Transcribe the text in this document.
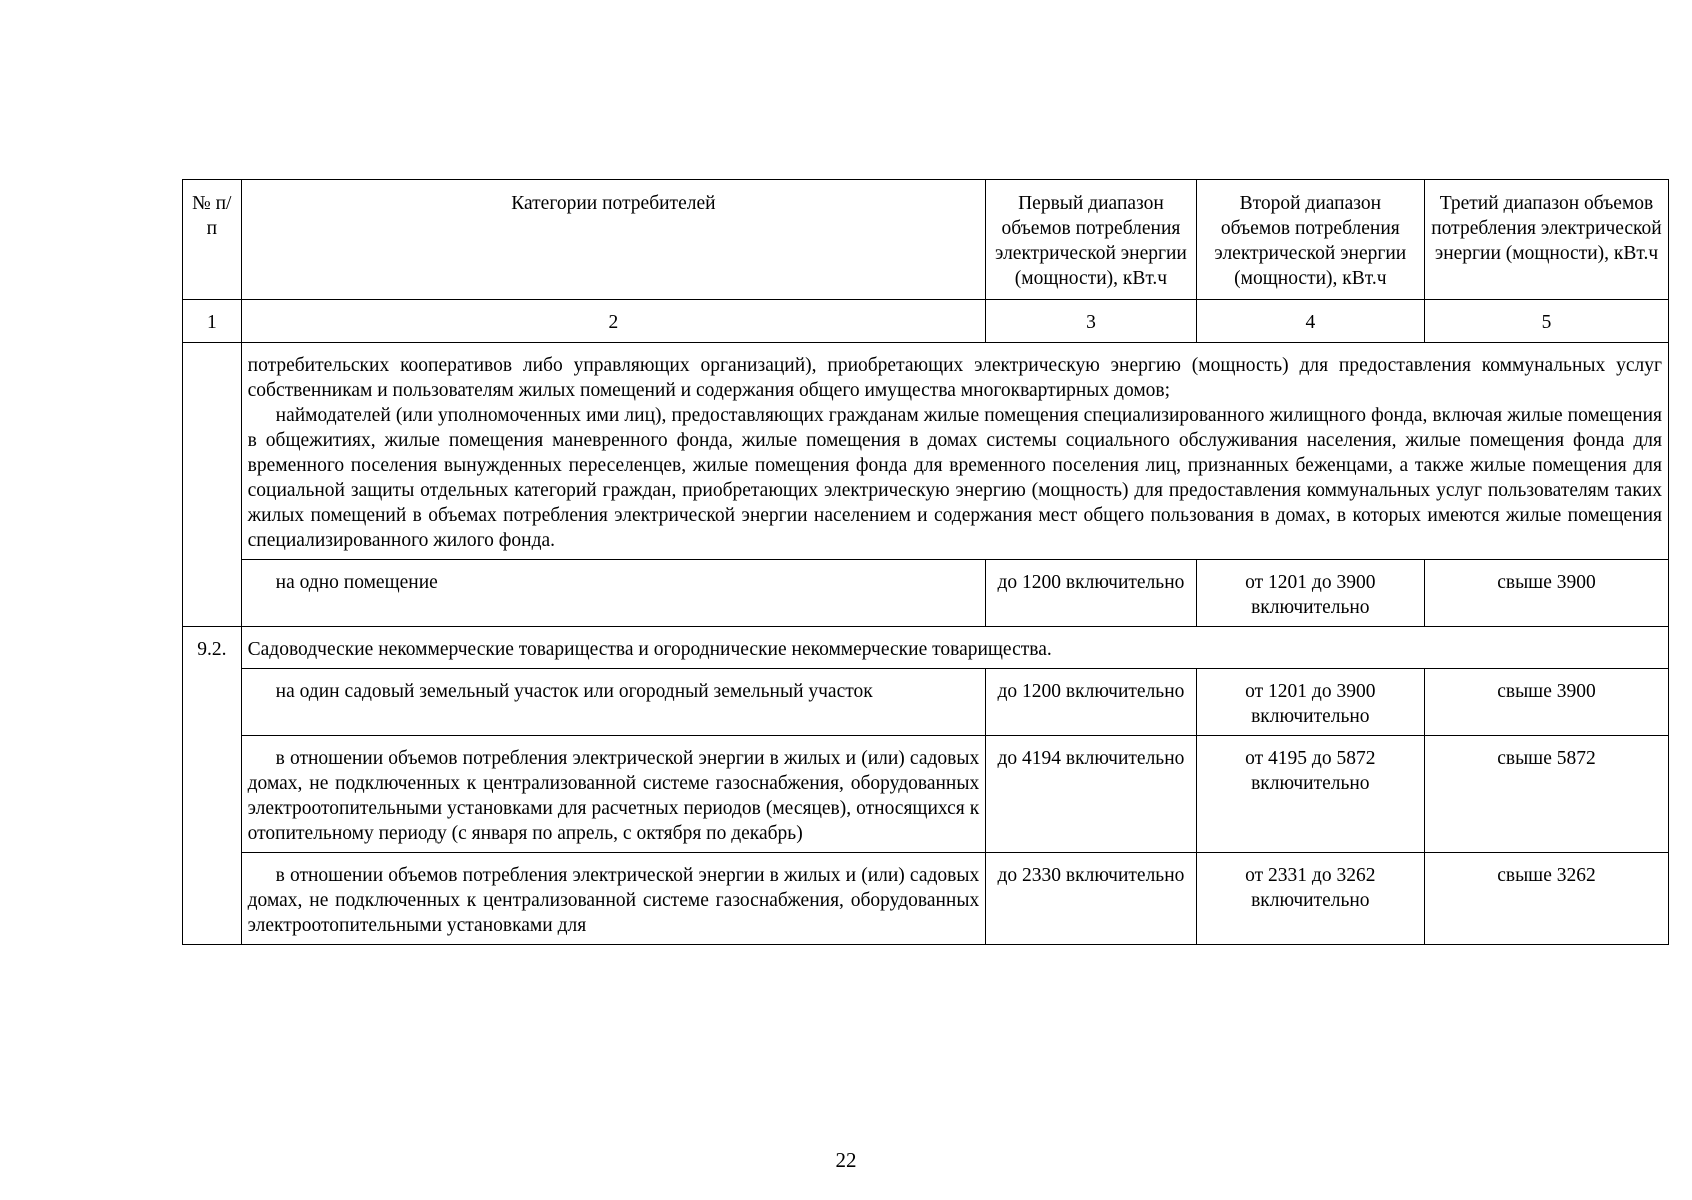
№ п/п	Категории потребителей	Первый диапазон объемов потребления электрической энергии (мощности), кВт.ч	Второй диапазон объемов потребления электрической энергии (мощности), кВт.ч	Третий диапазон объемов потребления электрической энергии (мощности), кВт.ч
1	2	3	4	5

	потребительских кооперативов либо управляющих организаций), приобретающих электрическую энергию (мощность) для предоставления коммунальных услуг собственникам и пользователям жилых помещений и содержания общего имущества многоквартирных домов;

наймодателей (или уполномоченных ими лиц), предоставляющих гражданам жилые помещения специализированного жилищного фонда, включая жилые помещения в общежитиях, жилые помещения маневренного фонда, жилые помещения в домах системы социального обслуживания населения, жилые помещения фонда для временного поселения вынужденных переселенцев, жилые помещения фонда для временного поселения лиц, признанных беженцами, а также жилые помещения для социальной защиты отдельных категорий граждан, приобретающих электрическую энергию (мощность) для предоставления коммунальных услуг пользователям таких жилых помещений в объемах потребления электрической энергии населением и содержания мест общего пользования в домах, в которых имеются жилые помещения специализированного жилого фонда.			

	на одно помещение	до 1200 включительно	от 1201 до 3900 включительно	свыше 3900
9.2.	Садоводческие некоммерческие товарищества и огороднические некоммерческие товарищества.			
	на один садовый земельный участок или огородный земельный участок	до 1200 включительно	от 1201 до 3900 включительно	свыше 3900
	в отношении объемов потребления электрической энергии в жилых и (или) садовых домах, не подключенных к централизованной системе газоснабжения, оборудованных электроотопительными установками для расчетных периодов (месяцев), относящихся к отопительному периоду (с января по апрель, с октября по декабрь)	до 4194 включительно	от 4195 до 5872 включительно	свыше 5872
	в отношении объемов потребления электрической энергии в жилых и (или) садовых домах, не подключенных к централизованной системе газоснабжения, оборудованных электроотопительными установками для	до 2330 включительно	от 2331 до 3262 включительно	свыше 3262
22
